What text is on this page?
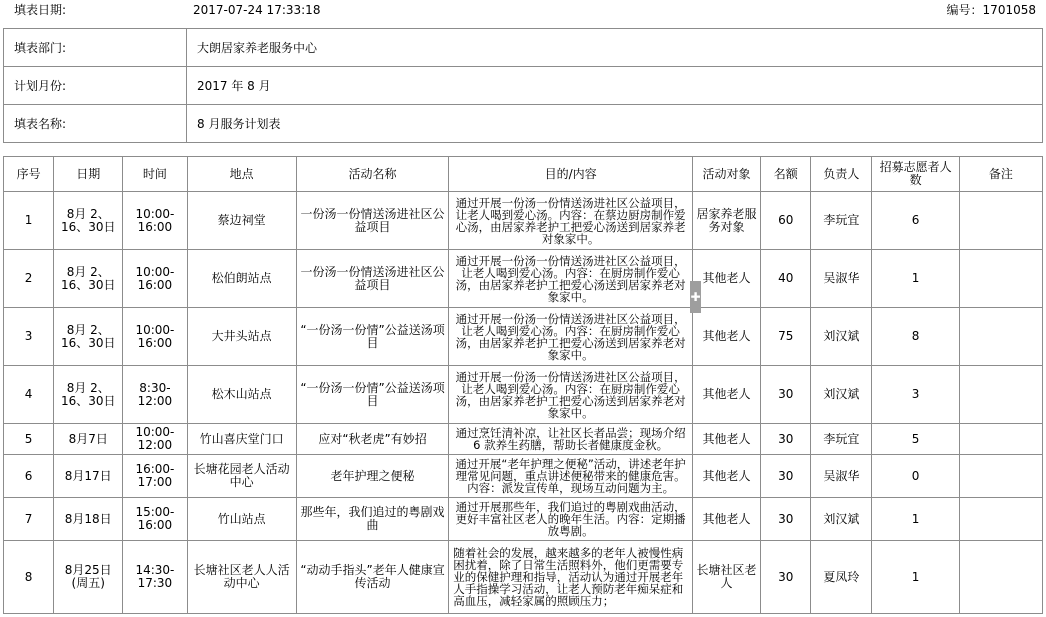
填表日期:	2017-07-24 17:33:18	编号：1701058
填表部门:	大朗居家养老服务中心
计划月份:	2017 年 8 月
填表名称:	8 月服务计划表
序号	日期	时间	地点	活动名称	目的/内容	活动对象	名额	负责人	招募志愿者人数	备注
1	8月 2、16、30日	10:00-16:00	蔡边祠堂	一份汤一份情送汤进社区公益项目	通过开展一份汤一份情送汤进社区公益项目，让老人喝到爱心汤。内容：在蔡边厨房制作爱心汤，由居家养老护工把爱心汤送到居家养老对象家中。	居家养老服务对象	60	李玩宜	6	
2	8月 2、16、30日	10:00-16:00	松伯朗站点	一份汤一份情送汤进社区公益项目	通过开展一份汤一份情送汤进社区公益项目，让老人喝到爱心汤。内容：在厨房制作爱心汤，由居家养老护工把爱心汤送到居家养老对象家中。	其他老人	40	吴淑华	1	
3	8月 2、16、30日	10:00-16:00	大井头站点	“一份汤一份情”公益送汤项目	通过开展一份汤一份情送汤进社区公益项目，让老人喝到爱心汤。内容：在厨房制作爱心汤，由居家养老护工把爱心汤送到居家养老对象家中。	其他老人	75	刘汉斌	8	
4	8月 2、16、30日	8:30-12:00	松木山站点	“一份汤一份情”公益送汤项目	通过开展一份汤一份情送汤进社区公益项目，让老人喝到爱心汤。内容：在厨房制作爱心汤，由居家养老护工把爱心汤送到居家养老对象家中。	其他老人	30	刘汉斌	3	
5	8月7日	10:00-12:00	竹山喜庆堂门口	应对“秋老虎”有妙招	通过烹饪清补凉，让社区长者品尝；现场介绍 6 款养生药膳，帮助长者健康度金秋。	其他老人	30	李玩宜	5	
6	8月17日	16:00-17:00	长塘花园老人活动中心	老年护理之便秘	通过开展“老年护理之便秘”活动，讲述老年护理常见问题，重点讲述便秘带来的健康危害。内容：派发宣传单，现场互动问题为主。	其他老人	30	吴淑华	0	
7	8月18日	15:00-16:00	竹山站点	那些年，我们追过的粤剧戏曲	通过开展那些年，我们追过的粤剧戏曲活动，更好丰富社区老人的晚年生活。内容：定期播放粤剧。	其他老人	30	刘汉斌	1	
8	8月25日 (周五)	14:30-17:30	长塘社区老人人活动中心	“动动手指头”老年人健康宣传活动	随着社会的发展，越来越多的老年人被慢性病困扰着，除了日常生活照料外，他们更需要专业的保健护理和指导，活动认为通过开展老年人手指操学习活动，让老人预防老年痴呆症和高血压，减轻家属的照顾压力；	长塘社区老人	30	夏凤玲	1	
✚
